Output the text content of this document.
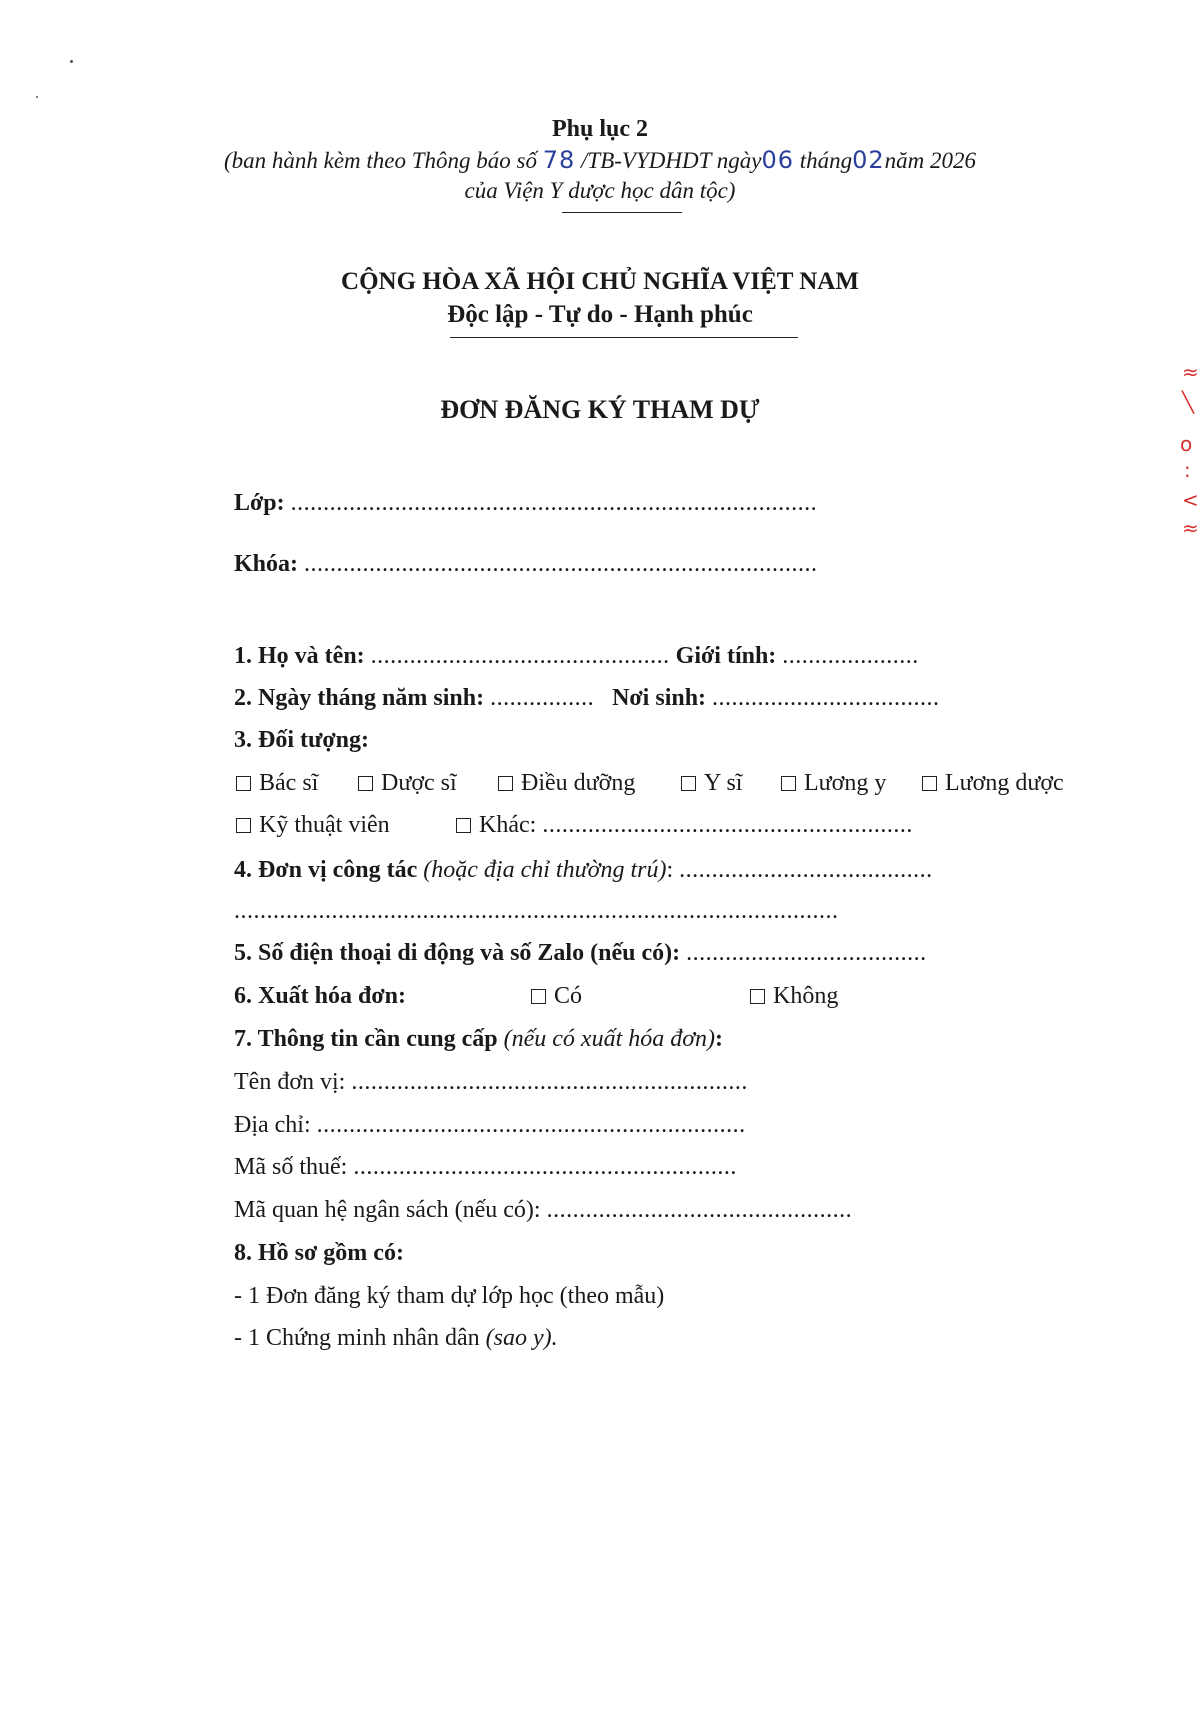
≈
╲
o
:
<
≈
Phụ lục 2
(ban hành kèm theo Thông báo số 78 /TB-VYDHDT ngày06 tháng02năm 2026
của Viện Y dược học dân tộc)
CỘNG HÒA XÃ HỘI CHỦ NGHĨA VIỆT NAM
Độc lập - Tự do - Hạnh phúc
ĐƠN ĐĂNG KÝ THAM DỰ
Lớp: .................................................................................
Khóa: ...............................................................................
1. Họ và tên: .............................................. Giới tính: .....................
2. Ngày tháng năm sinh: ................ Nơi sinh: ...................................
3. Đối tượng:
Bác sĩ	Dược sĩ	Điều dưỡng	Y sĩ	Lương y	Lương dược
Kỹ thuật viên	Khác: .........................................................
4. Đơn vị công tác (hoặc địa chỉ thường trú): .......................................
.............................................................................................
5. Số điện thoại di động và số Zalo (nếu có): .....................................
6. Xuất hóa đơn:	Có	Không
7. Thông tin cần cung cấp (nếu có xuất hóa đơn):
Tên đơn vị: .............................................................
Địa chỉ: ..................................................................
Mã số thuế: ...........................................................
Mã quan hệ ngân sách (nếu có): ...............................................
8. Hồ sơ gồm có:
- 1 Đơn đăng ký tham dự lớp học (theo mẫu)
- 1 Chứng minh nhân dân (sao y).
